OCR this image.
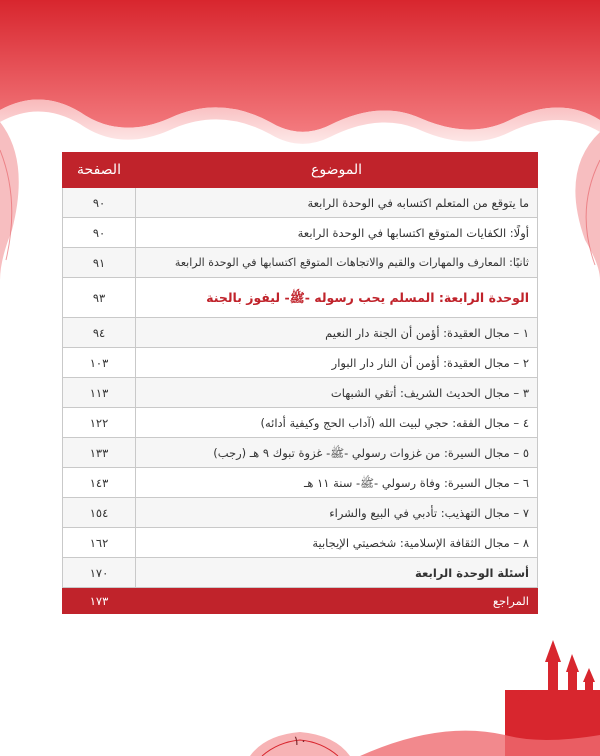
الموضوع	الصفحة
ما يتوقع من المتعلم اكتسابه في الوحدة الرابعة	٩٠
أولًا: الكفايات المتوقع اكتسابها في الوحدة الرابعة	٩٠
ثانيًا: المعارف والمهارات والقيم والاتجاهات المتوقع اكتسابها في الوحدة الرابعة	٩١
الوحدة الرابعة: المسلم يحب رسوله -ﷺ- ليفوز بالجنة	٩٣
١ – مجال العقيدة: أؤمن أن الجنة دار النعيم	٩٤
٢ – مجال العقيدة: أؤمن أن النار دار البوار	١٠٣
٣ – مجال الحديث الشريف: أتقي الشبهات	١١٣
٤ – مجال الفقه: حجي لبيت الله (آداب الحج وكيفية أدائه)	١٢٢
٥ – مجال السيرة: من غزوات رسولي -ﷺ- غزوة تبوك ٩ هـ (رجب)	١٣٣
٦ – مجال السيرة: وفاة رسولي -ﷺ- سنة ١١ هـ	١٤٣
٧ – مجال التهذيب: تأدبي في البيع والشراء	١٥٤
٨ – مجال الثقافة الإسلامية: شخصيتي الإيجابية	١٦٢
أسئلة الوحدة الرابعة	١٧٠
المراجع	١٧٣
١٠
